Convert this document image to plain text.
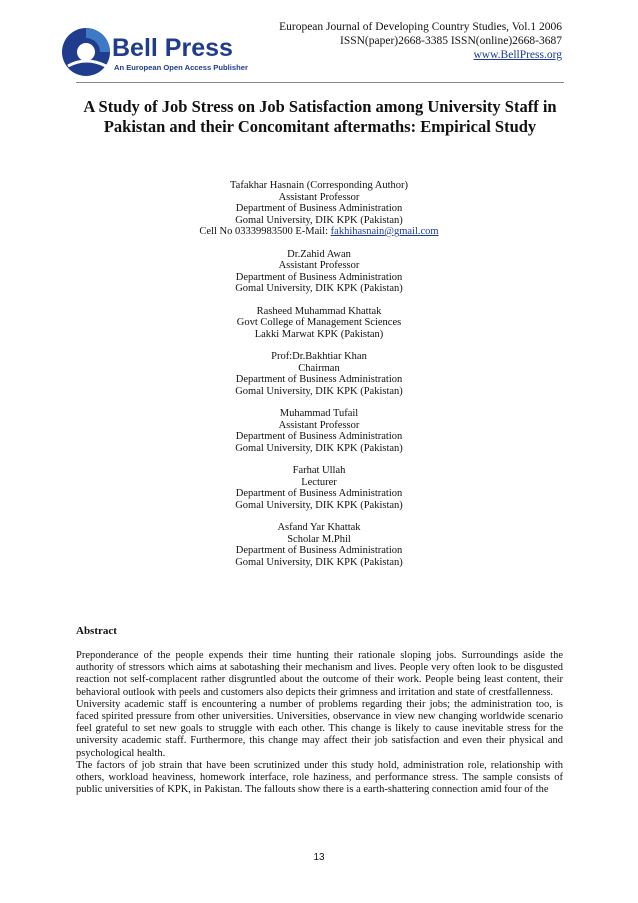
Bell Press
An European Open Access Publisher
European Journal of Developing Country Studies, Vol.1 2006
ISSN(paper)2668-3385 ISSN(online)2668-3687
www.BellPress.org
A Study of Job Stress on Job Satisfaction among University Staff in Pakistan and their Concomitant aftermaths: Empirical Study
Tafakhar Hasnain (Corresponding Author)
Assistant Professor
Department of Business Administration
Gomal University, DIK KPK (Pakistan)
Cell No 03339983500 E-Mail: fakhihasnain@gmail.com
Dr.Zahid Awan
Assistant Professor
Department of Business Administration
Gomal University, DIK KPK (Pakistan)
Rasheed Muhammad Khattak
Govt College of Management Sciences
Lakki Marwat KPK (Pakistan)
Prof:Dr.Bakhtiar Khan
Chairman
Department of Business Administration
Gomal University, DIK KPK (Pakistan)
Muhammad Tufail
Assistant Professor
Department of Business Administration
Gomal University, DIK KPK (Pakistan)
Farhat Ullah
Lecturer
Department of Business Administration
Gomal University, DIK KPK (Pakistan)
Asfand Yar Khattak
Scholar M.Phil
Department of Business Administration
Gomal University, DIK KPK (Pakistan)
Abstract

Preponderance of the people expends their time hunting their rationale sloping jobs. Surroundings aside the authority of stressors which aims at sabotashing their mechanism and lives. People very often look to be disgusted reaction not self-complacent rather disgruntled about the outcome of their work. People being least content, their behavioral outlook with peels and customers also depicts their grimness and irritation and state of crestfallenness.

University academic staff is encountering a number of problems regarding their jobs; the administration too, is faced spirited pressure from other universities. Universities, observance in view new changing worldwide scenario feel grateful to set new goals to struggle with each other. This change is likely to cause inevitable stress for the university academic staff. Furthermore, this change may affect their job satisfaction and even their physical and psychological health.

The factors of job strain that have been scrutinized under this study hold, administration role, relationship with others, workload heaviness, homework interface, role haziness, and performance stress. The sample consists of public universities of KPK, in Pakistan. The fallouts show there is a earth-shattering connection amid four of the

13
